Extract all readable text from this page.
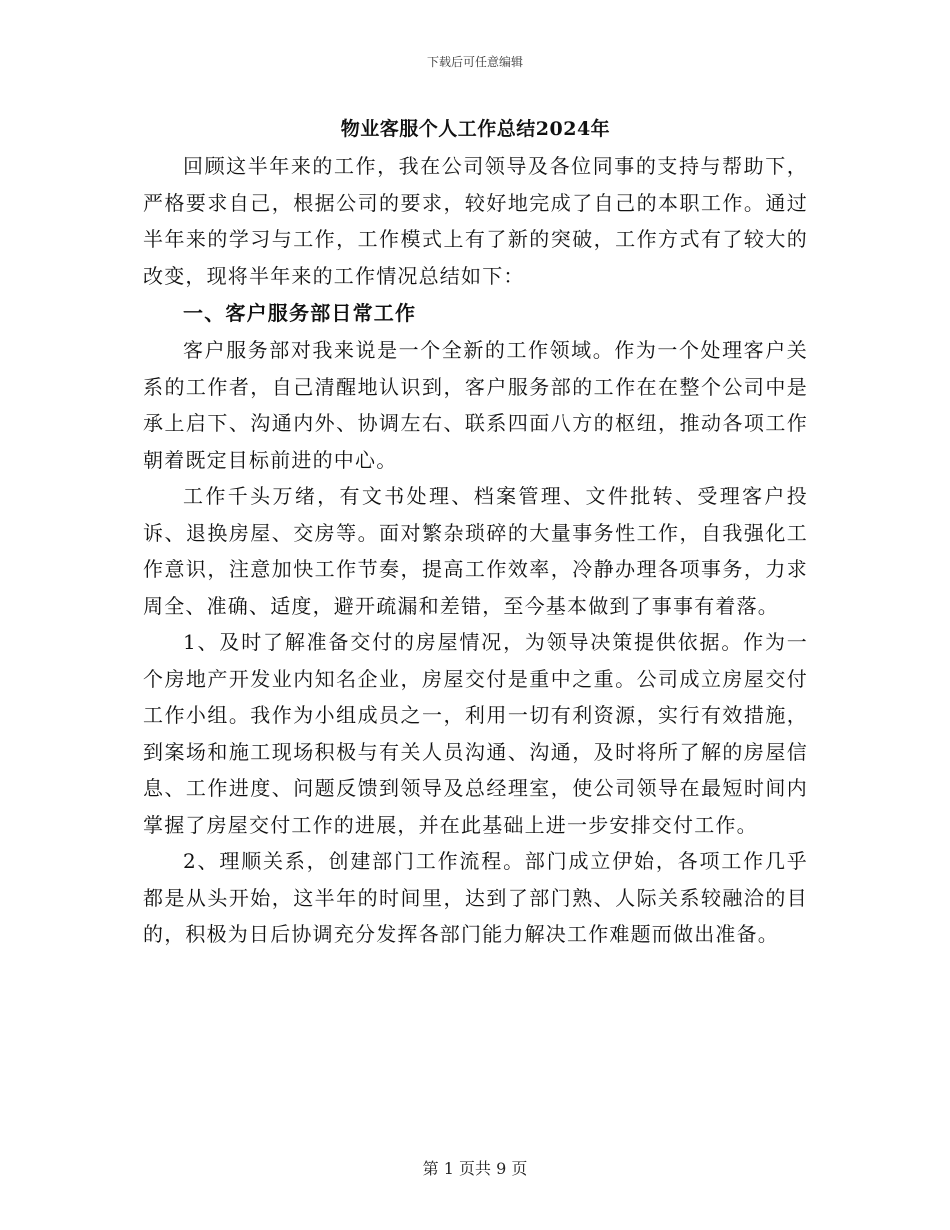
下载后可任意编辑
物业客服个人工作总结2024年

回顾这半年来的工作，我在公司领导及各位同事的支持与帮助下，严格要求自己，根据公司的要求，较好地完成了自己的本职工作。通过半年来的学习与工作，工作模式上有了新的突破，工作方式有了较大的改变，现将半年来的工作情况总结如下：

一、客户服务部日常工作

客户服务部对我来说是一个全新的工作领域。作为一个处理客户关系的工作者，自己清醒地认识到，客户服务部的工作在在整个公司中是承上启下、沟通内外、协调左右、联系四面八方的枢纽，推动各项工作朝着既定目标前进的中心。

工作千头万绪，有文书处理、档案管理、文件批转、受理客户投诉、退换房屋、交房等。面对繁杂琐碎的大量事务性工作，自我强化工作意识，注意加快工作节奏，提高工作效率，冷静办理各项事务，力求周全、准确、适度，避开疏漏和差错，至今基本做到了事事有着落。

1、及时了解准备交付的房屋情况，为领导决策提供依据。作为一个房地产开发业内知名企业，房屋交付是重中之重。公司成立房屋交付工作小组。我作为小组成员之一，利用一切有利资源，实行有效措施，到案场和施工现场积极与有关人员沟通、沟通，及时将所了解的房屋信息、工作进度、问题反馈到领导及总经理室，使公司领导在最短时间内掌握了房屋交付工作的进展，并在此基础上进一步安排交付工作。

2、理顺关系，创建部门工作流程。部门成立伊始，各项工作几乎都是从头开始，这半年的时间里，达到了部门熟、人际关系较融洽的目的，积极为日后协调充分发挥各部门能力解决工作难题而做出准备。

第 1 页共 9 页
